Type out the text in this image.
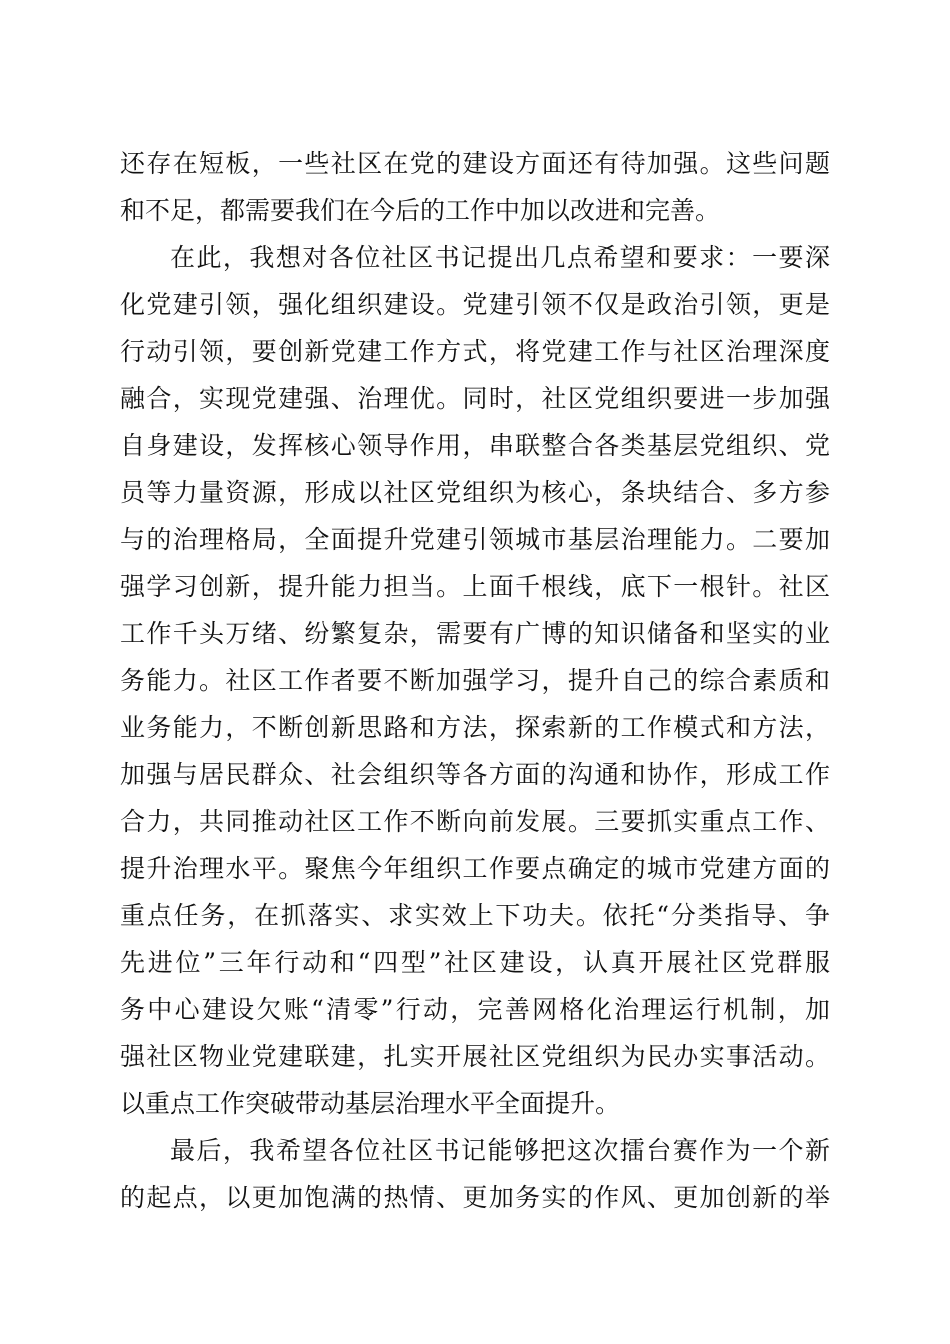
还存在短板，一些社区在党的建设方面还有待加强。这些问题
和不足，都需要我们在今后的工作中加以改进和完善。
在此，我想对各位社区书记提出几点希望和要求：一要深
化党建引领，强化组织建设。党建引领不仅是政治引领，更是
行动引领，要创新党建工作方式，将党建工作与社区治理深度
融合，实现党建强、治理优。同时，社区党组织要进一步加强
自身建设，发挥核心领导作用，串联整合各类基层党组织、党
员等力量资源，形成以社区党组织为核心，条块结合、多方参
与的治理格局，全面提升党建引领城市基层治理能力。二要加
强学习创新，提升能力担当。上面千根线，底下一根针。社区
工作千头万绪、纷繁复杂，需要有广博的知识储备和坚实的业
务能力。社区工作者要不断加强学习，提升自己的综合素质和
业务能力，不断创新思路和方法，探索新的工作模式和方法，
加强与居民群众、社会组织等各方面的沟通和协作，形成工作
合力，共同推动社区工作不断向前发展。三要抓实重点工作、
提升治理水平。聚焦今年组织工作要点确定的城市党建方面的
重点任务，在抓落实、求实效上下功夫。依托“分类指导、争
先进位”三年行动和“四型”社区建设，认真开展社区党群服
务中心建设欠账“清零”行动，完善网格化治理运行机制，加
强社区物业党建联建，扎实开展社区党组织为民办实事活动。
以重点工作突破带动基层治理水平全面提升。
最后，我希望各位社区书记能够把这次擂台赛作为一个新
的起点，以更加饱满的热情、更加务实的作风、更加创新的举
